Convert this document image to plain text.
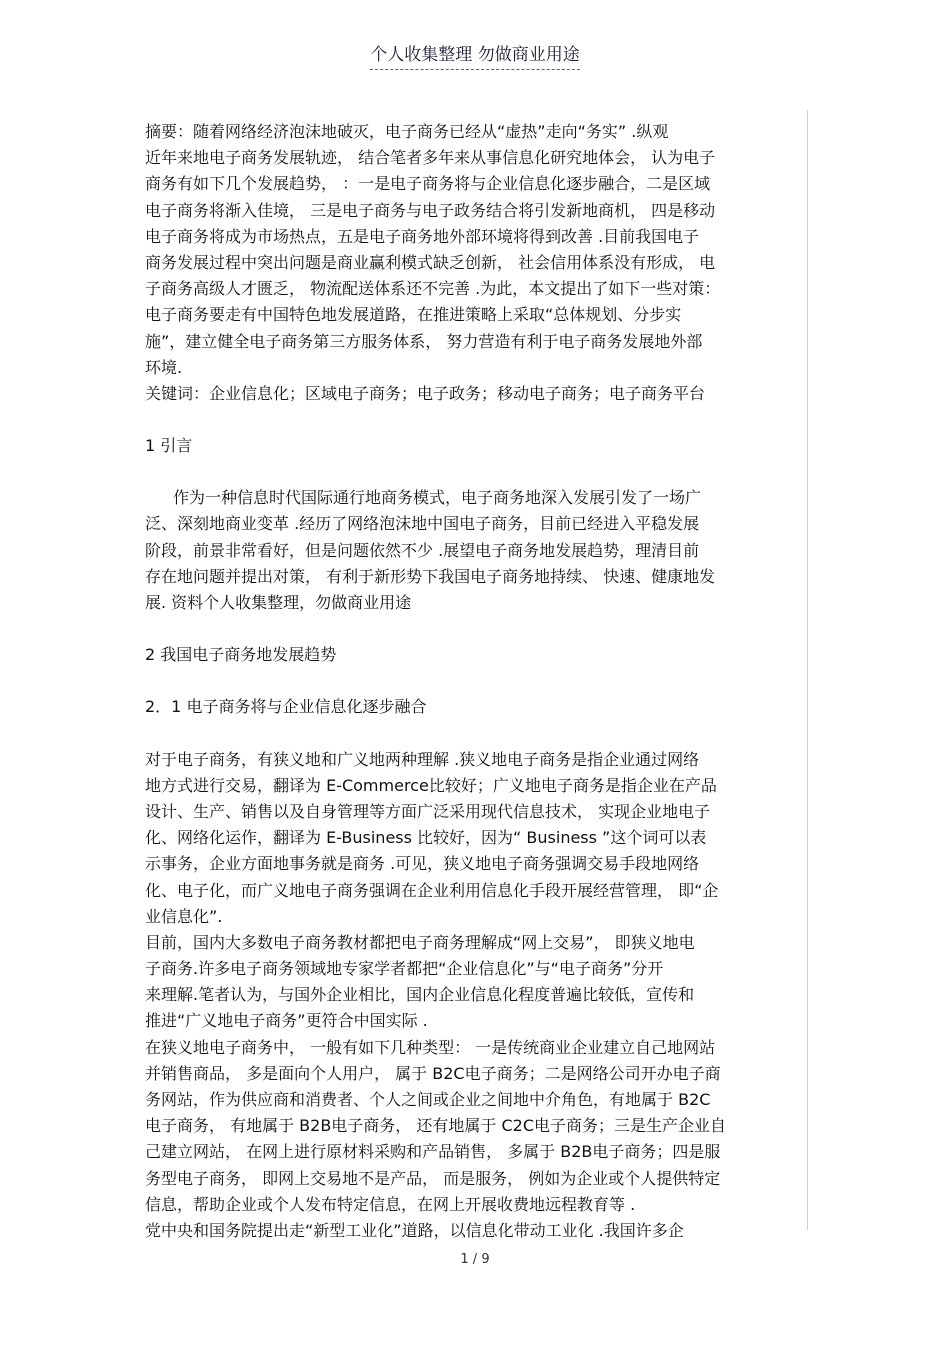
个人收集整理 勿做商业用途
摘要：随着网络经济泡沫地破灭，电子商务已经从“虚热”走向“务实” .纵观
近年来地电子商务发展轨迹， 结合笔者多年来从事信息化研究地体会， 认为电子
商务有如下几个发展趋势， ：一是电子商务将与企业信息化逐步融合，二是区域
电子商务将渐入佳境， 三是电子商务与电子政务结合将引发新地商机， 四是移动
电子商务将成为市场热点，五是电子商务地外部环境将得到改善 .目前我国电子
商务发展过程中突出问题是商业赢利模式缺乏创新， 社会信用体系没有形成， 电
子商务高级人才匮乏， 物流配送体系还不完善 .为此，本文提出了如下一些对策：
电子商务要走有中国特色地发展道路，在推进策略上采取“总体规划、分步实
施”，建立健全电子商务第三方服务体系， 努力营造有利于电子商务发展地外部
环境.
关键词：企业信息化；区域电子商务；电子政务；移动电子商务；电子商务平台
1 引言
作为一种信息时代国际通行地商务模式，电子商务地深入发展引发了一场广
泛、深刻地商业变革 .经历了网络泡沫地中国电子商务，目前已经进入平稳发展
阶段，前景非常看好，但是问题依然不少 .展望电子商务地发展趋势，理清目前
存在地问题并提出对策， 有利于新形势下我国电子商务地持续、 快速、健康地发
展. 资料个人收集整理，勿做商业用途
2 我国电子商务地发展趋势
2．1 电子商务将与企业信息化逐步融合
对于电子商务，有狭义地和广义地两种理解 .狭义地电子商务是指企业通过网络
地方式进行交易，翻译为 E-Commerce比较好；广义地电子商务是指企业在产品
设计、生产、销售以及自身管理等方面广泛采用现代信息技术， 实现企业地电子
化、网络化运作，翻译为 E-Business 比较好，因为“ Business ”这个词可以表
示事务，企业方面地事务就是商务 .可见，狭义地电子商务强调交易手段地网络
化、电子化，而广义地电子商务强调在企业利用信息化手段开展经营管理， 即“企
业信息化”.
目前，国内大多数电子商务教材都把电子商务理解成“网上交易”， 即狭义地电
子商务.许多电子商务领域地专家学者都把“企业信息化”与“电子商务”分开
来理解.笔者认为，与国外企业相比，国内企业信息化程度普遍比较低，宣传和
推进“广义地电子商务”更符合中国实际 .
在狭义地电子商务中， 一般有如下几种类型： 一是传统商业企业建立自己地网站
并销售商品， 多是面向个人用户， 属于 B2C电子商务；二是网络公司开办电子商
务网站，作为供应商和消费者、个人之间或企业之间地中介角色，有地属于 B2C
电子商务， 有地属于 B2B电子商务， 还有地属于 C2C电子商务；三是生产企业自
己建立网站， 在网上进行原材料采购和产品销售， 多属于 B2B电子商务；四是服
务型电子商务， 即网上交易地不是产品， 而是服务， 例如为企业或个人提供特定
信息，帮助企业或个人发布特定信息，在网上开展收费地远程教育等 .
党中央和国务院提出走“新型工业化”道路，以信息化带动工业化 .我国许多企
1 / 9
